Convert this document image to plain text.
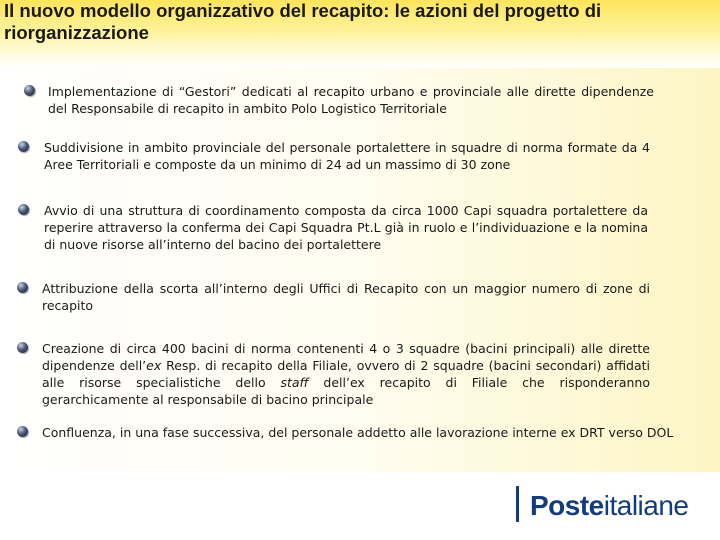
Il nuovo modello organizzativo del recapito: le azioni del progetto di riorganizzazione

Implementazione di “Gestori” dedicati al recapito urbano e provinciale alle dirette dipendenze del Responsabile di recapito in ambito Polo Logistico Territoriale

Suddivisione in ambito provinciale del personale portalettere in squadre di norma formate da 4 Aree Territoriali e composte da un minimo di 24 ad un massimo di 30 zone

Avvio di una struttura di coordinamento composta da circa 1000 Capi squadra portalettere da reperire attraverso la conferma dei Capi Squadra Pt.L già in ruolo e l’individuazione e la nomina di nuove risorse all’interno del bacino dei portalettere

Attribuzione della scorta all’interno degli Uffici di Recapito con un maggior numero di zone di recapito

Creazione di circa 400 bacini di norma contenenti 4 o 3 squadre (bacini principali) alle dirette dipendenze dell’ex Resp. di recapito della Filiale, ovvero di 2 squadre (bacini secondari) affidati alle risorse specialistiche dello staff dell’ex recapito di Filiale che risponderanno gerarchicamente al responsabile di bacino principale

Confluenza, in una fase successiva, del personale addetto alle lavorazione interne ex DRT verso DOL

Posteitaliane
